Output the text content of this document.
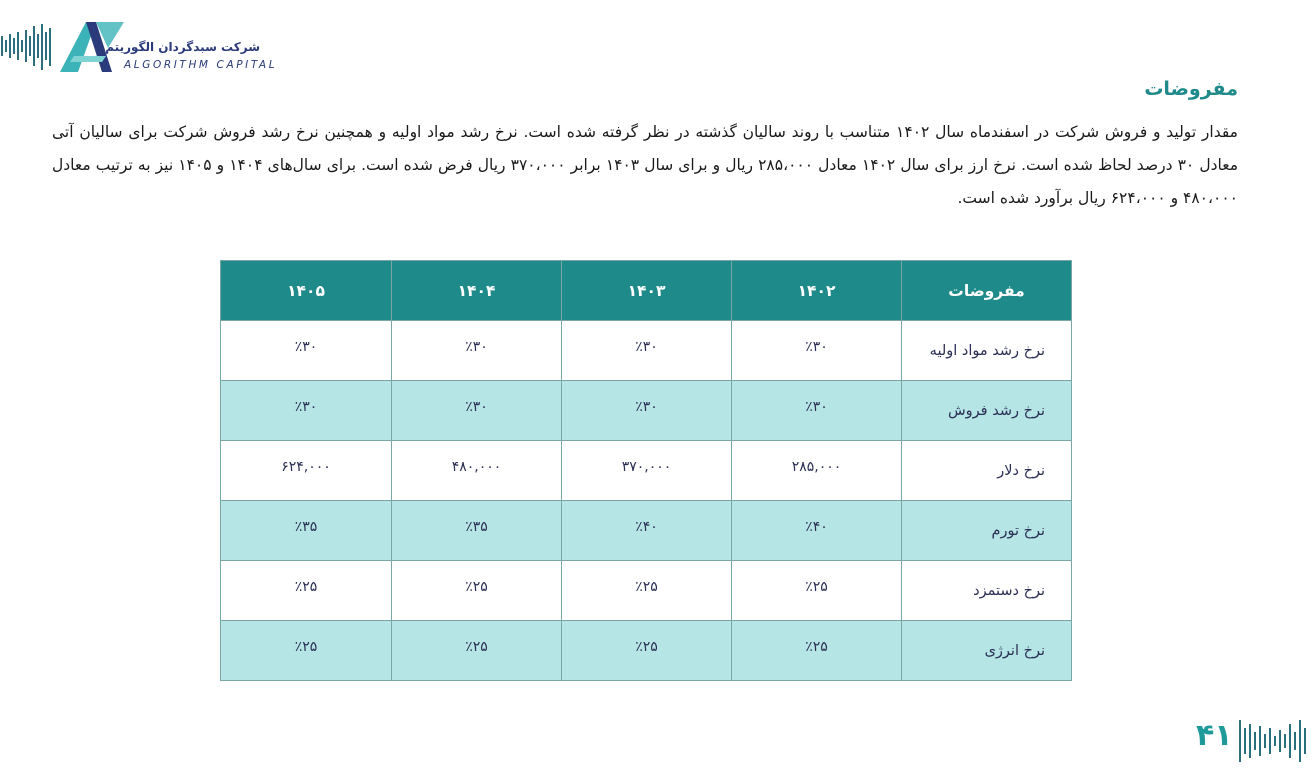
شرکت سبدگردان الگوریتم
ALGORITHM CAPITAL
مفروضات
مقدار تولید و فروش شرکت در اسفندماه سال ۱۴۰۲ متناسب با روند سالیان گذشته در نظر گرفته شده است. نرخ رشد مواد اولیه و همچنین نرخ رشد فروش شرکت برای سالیان آتی معادل ۳۰ درصد لحاظ شده است. نرخ ارز برای سال ۱۴۰۲ معادل ۲۸۵،۰۰۰ ریال و برای سال ۱۴۰۳ برابر ۳۷۰،۰۰۰ ریال فرض شده است. برای سال‌های ۱۴۰۴ و ۱۴۰۵ نیز به ترتیب معادل ۴۸۰،۰۰۰ و ۶۲۴،۰۰۰ ریال برآورد شده است.
مفروضات	۱۴۰۲	۱۴۰۳	۱۴۰۴	۱۴۰۵
نرخ رشد مواد اولیه	٪۳۰	٪۳۰	٪۳۰	٪۳۰
نرخ رشد فروش	٪۳۰	٪۳۰	٪۳۰	٪۳۰
نرخ دلار	۲۸۵,۰۰۰	۳۷۰,۰۰۰	۴۸۰,۰۰۰	۶۲۴,۰۰۰
نرخ تورم	٪۴۰	٪۴۰	٪۳۵	٪۳۵
نرخ دستمزد	٪۲۵	٪۲۵	٪۲۵	٪۲۵
نرخ انرژی	٪۲۵	٪۲۵	٪۲۵	٪۲۵
۴۱
